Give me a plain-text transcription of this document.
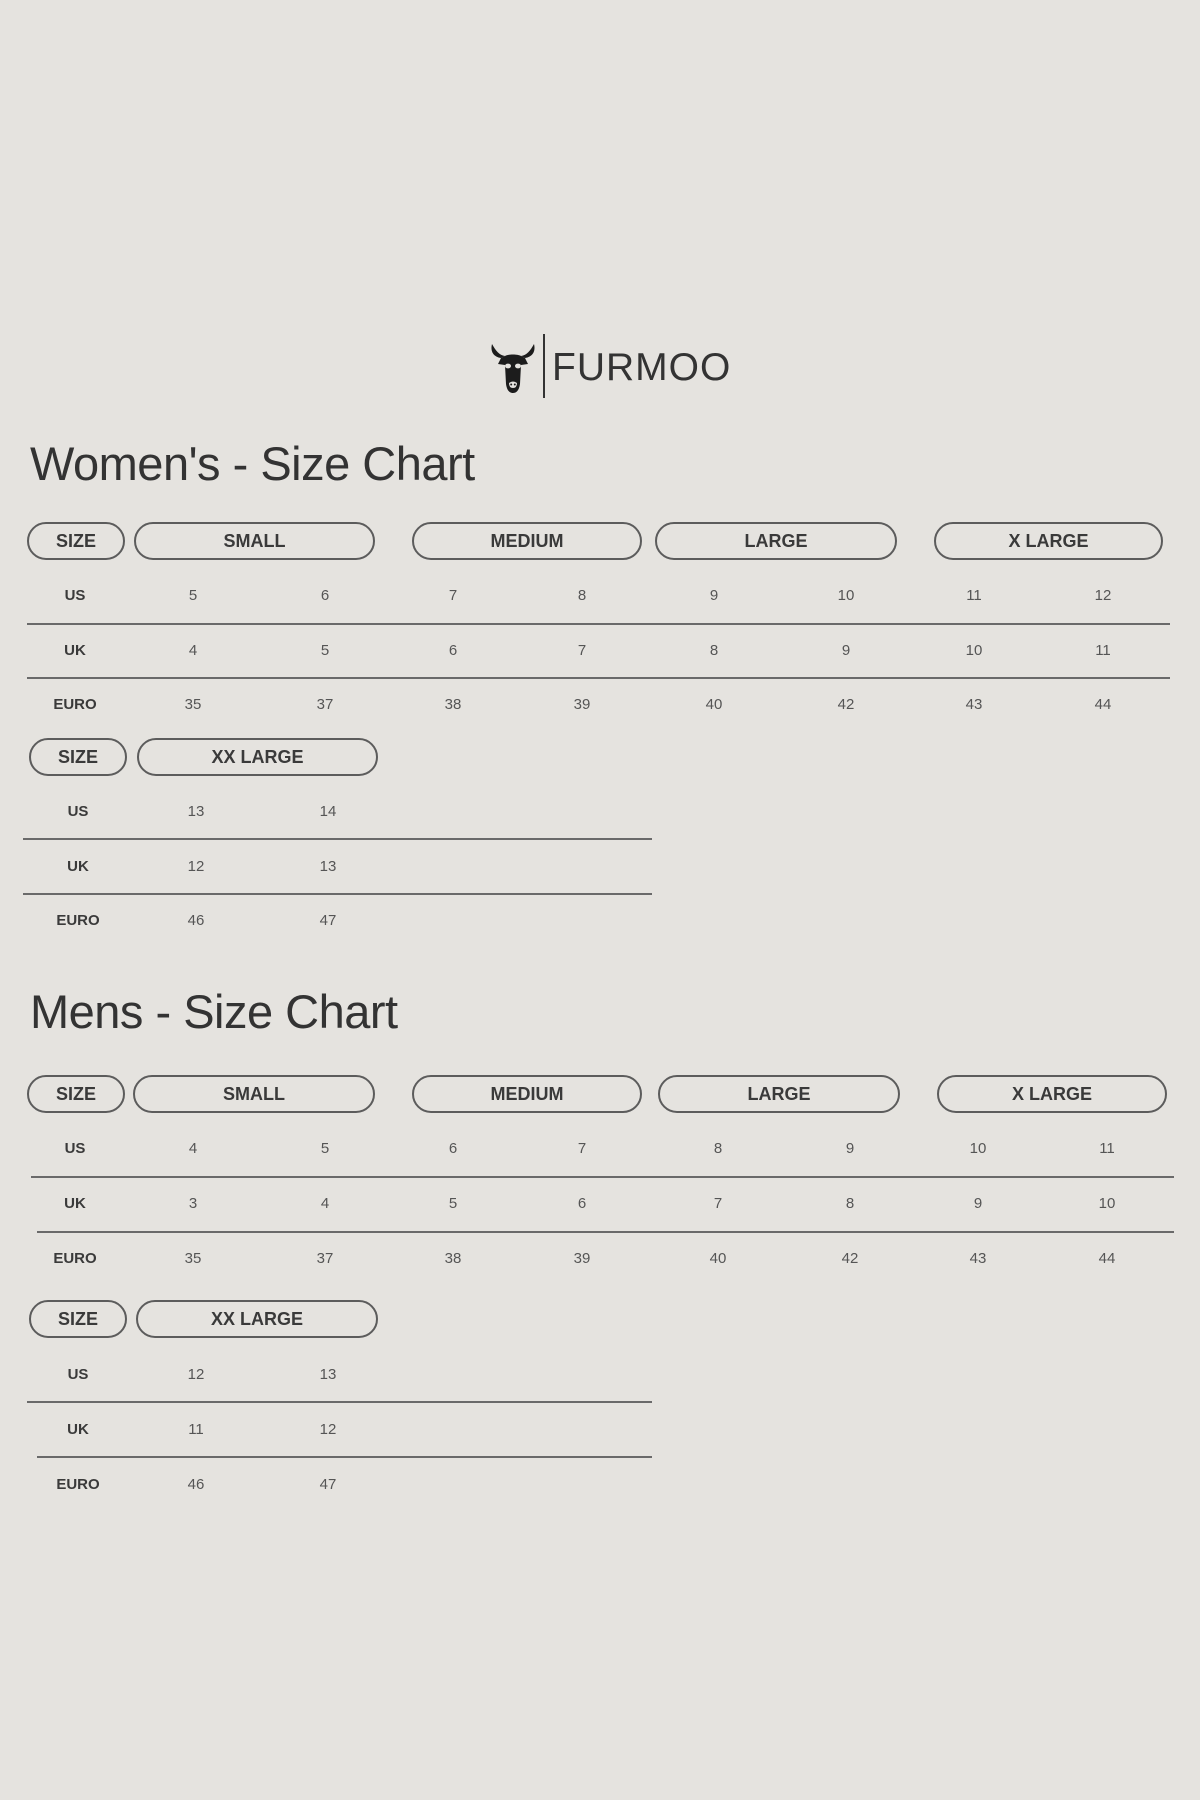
FURMOO
Women's - Size Chart
SIZE	SMALL	MEDIUM	LARGE	X LARGE
US	5	6	7	8	9	10	11	12
UK	4	5	6	7	8	9	10	11
EURO	35	37	38	39	40	42	43	44
SIZE	XX LARGE
US	13	14
UK	12	13
EURO	46	47
Mens - Size Chart
SIZE	SMALL	MEDIUM	LARGE	X LARGE
US	4	5	6	7	8	9	10	11
UK	3	4	5	6	7	8	9	10
EURO	35	37	38	39	40	42	43	44
SIZE	XX LARGE
US	12	13
UK	11	12
EURO	46	47
